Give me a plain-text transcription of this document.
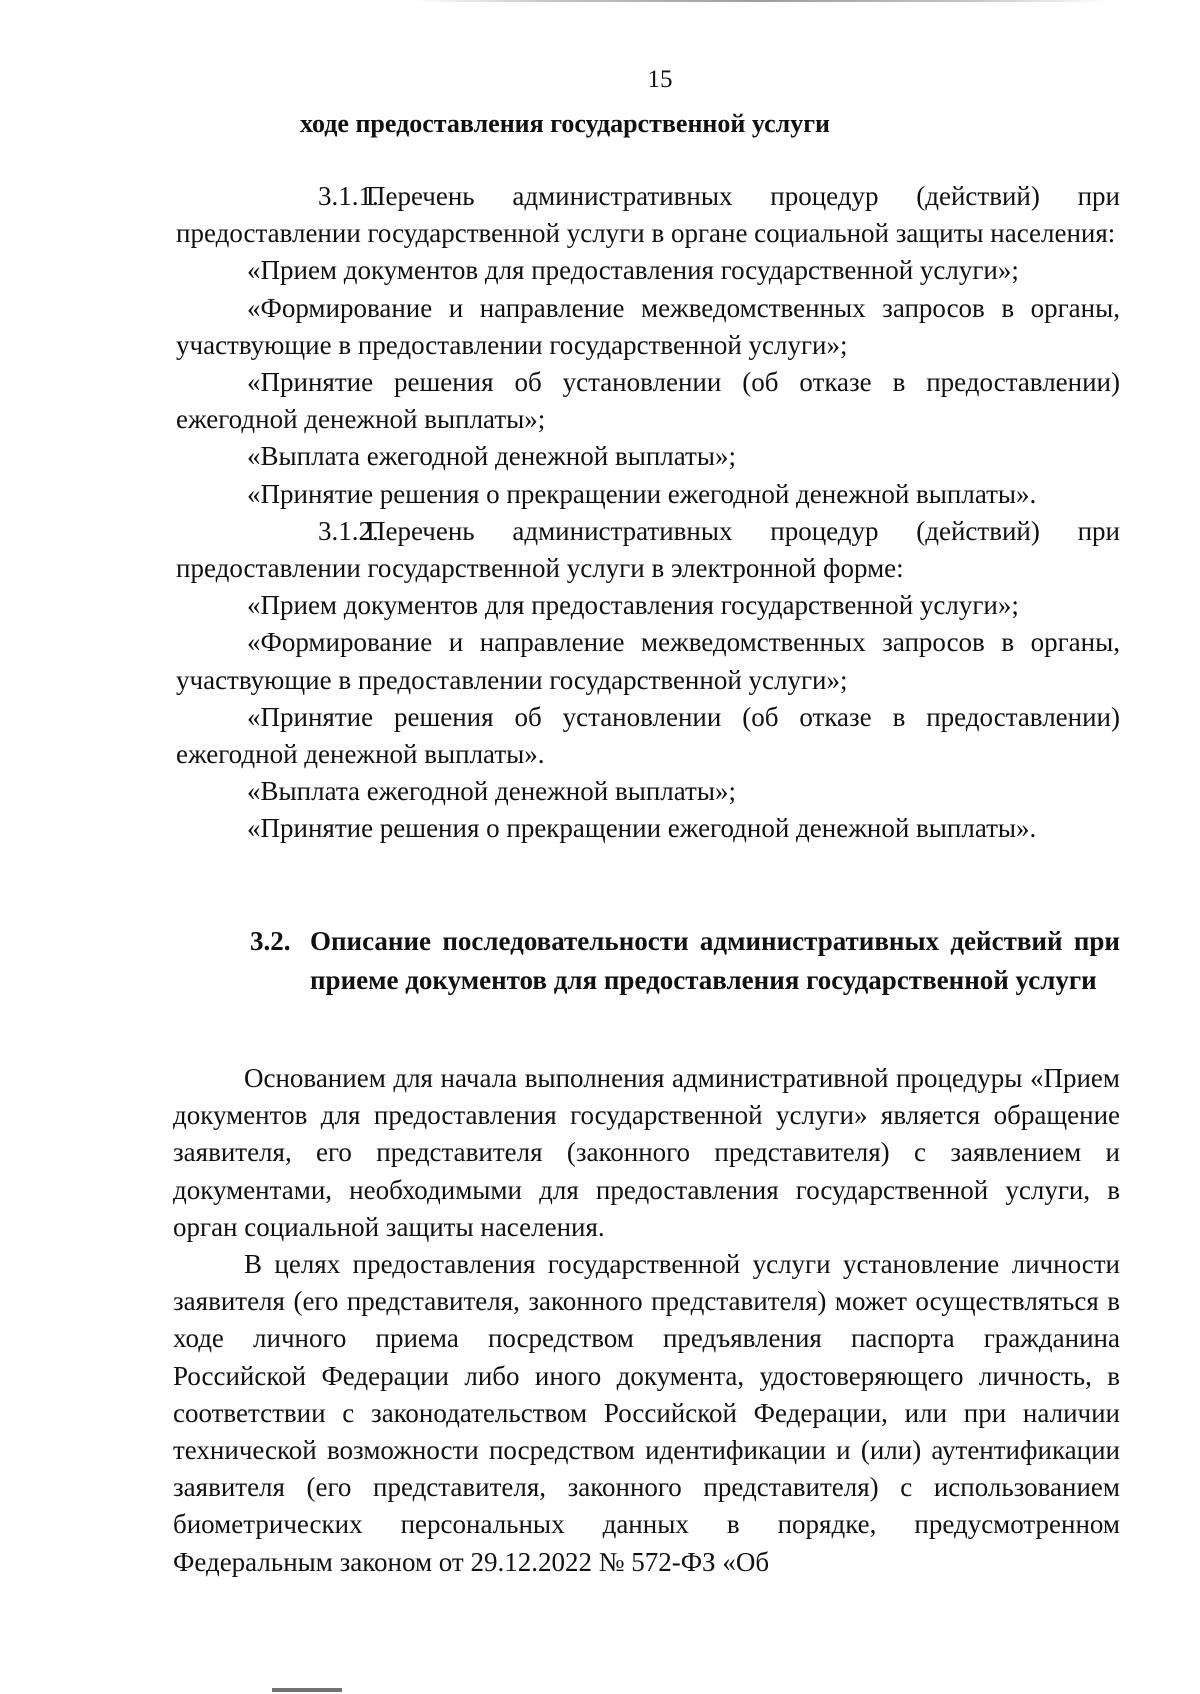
15
ходе предоставления государственной услуги

3.1.1.Перечень административных процедур (действий) при предоставлении государственной услуги в органе социальной защиты населения:

«Прием документов для предоставления государственной услуги»;

«Формирование и направление межведомственных запросов в органы, участвующие в предоставлении государственной услуги»;

«Принятие решения об установлении (об отказе в предоставлении) ежегодной денежной выплаты»;

«Выплата ежегодной денежной выплаты»;

«Принятие решения о прекращении ежегодной денежной выплаты».

3.1.2.Перечень административных процедур (действий) при предоставлении государственной услуги в электронной форме:

«Прием документов для предоставления государственной услуги»;

«Формирование и направление межведомственных запросов в органы, участвующие в предоставлении государственной услуги»;

«Принятие решения об установлении (об отказе в предоставлении) ежегодной денежной выплаты».

«Выплата ежегодной денежной выплаты»;

«Принятие решения о прекращении ежегодной денежной выплаты».

3.2. Описание последовательности административных действий при приеме документов для предоставления государственной услуги

Основанием для начала выполнения административной процедуры «Прием документов для предоставления государственной услуги» является обращение заявителя, его представителя (законного представителя) с заявлением и документами, необходимыми для предоставления государственной услуги, в орган социальной защиты населения.

В целях предоставления государственной услуги установление личности заявителя (его представителя, законного представителя) может осуществляться в ходе личного приема посредством предъявления паспорта гражданина Российской Федерации либо иного документа, удостоверяющего личность, в соответствии с законодательством Российской Федерации, или при наличии технической возможности посредством идентификации и (или) аутентификации заявителя (его представителя, законного представителя) с использованием биометрических персональных данных в порядке, предусмотренном Федеральным законом от 29.12.2022 № 572-ФЗ «Об
